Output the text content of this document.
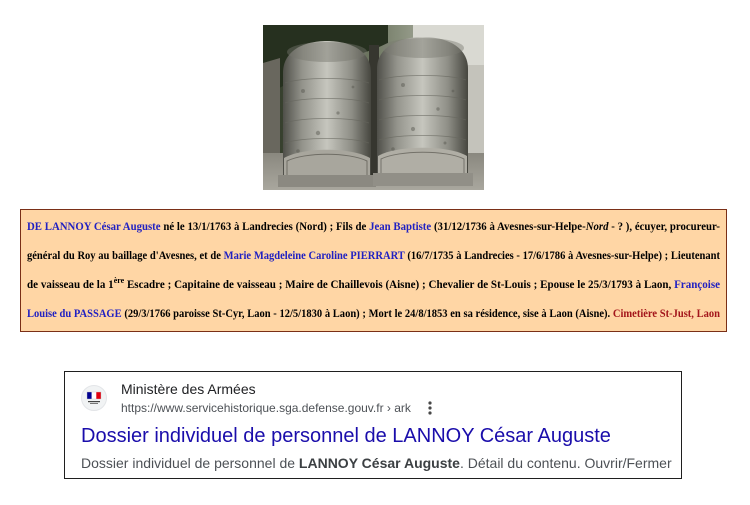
DE LANNOY César Auguste né le 13/1/1763 à Landrecies (Nord) ; Fils de Jean Baptiste (31/12/1736 à Avesnes-sur-Helpe-Nord - ? ), écuyer, procureur-
général du Roy au baillage d'Avesnes, et de Marie Magdeleine Caroline PIERRART (16/7/1735 à Landrecies - 17/6/1786 à Avesnes-sur-Helpe) ; Lieutenant
de vaisseau de la 1ère Escadre ; Capitaine de vaisseau ; Maire de Chaillevois (Aisne) ; Chevalier de St-Louis ; Epouse le 25/3/1793 à Laon, Françoise
Louise du PASSAGE (29/3/1766 paroisse St-Cyr, Laon - 12/5/1830 à Laon) ; Mort le 24/8/1853 en sa résidence, sise à Laon (Aisne). Cimetière St-Just, Laon
Ministère des Armées
https://www.servicehistorique.sga.defense.gouv.fr › ark
Dossier individuel de personnel de LANNOY César Auguste
Dossier individuel de personnel de LANNOY César Auguste. Détail du contenu. Ouvrir/Fermer
